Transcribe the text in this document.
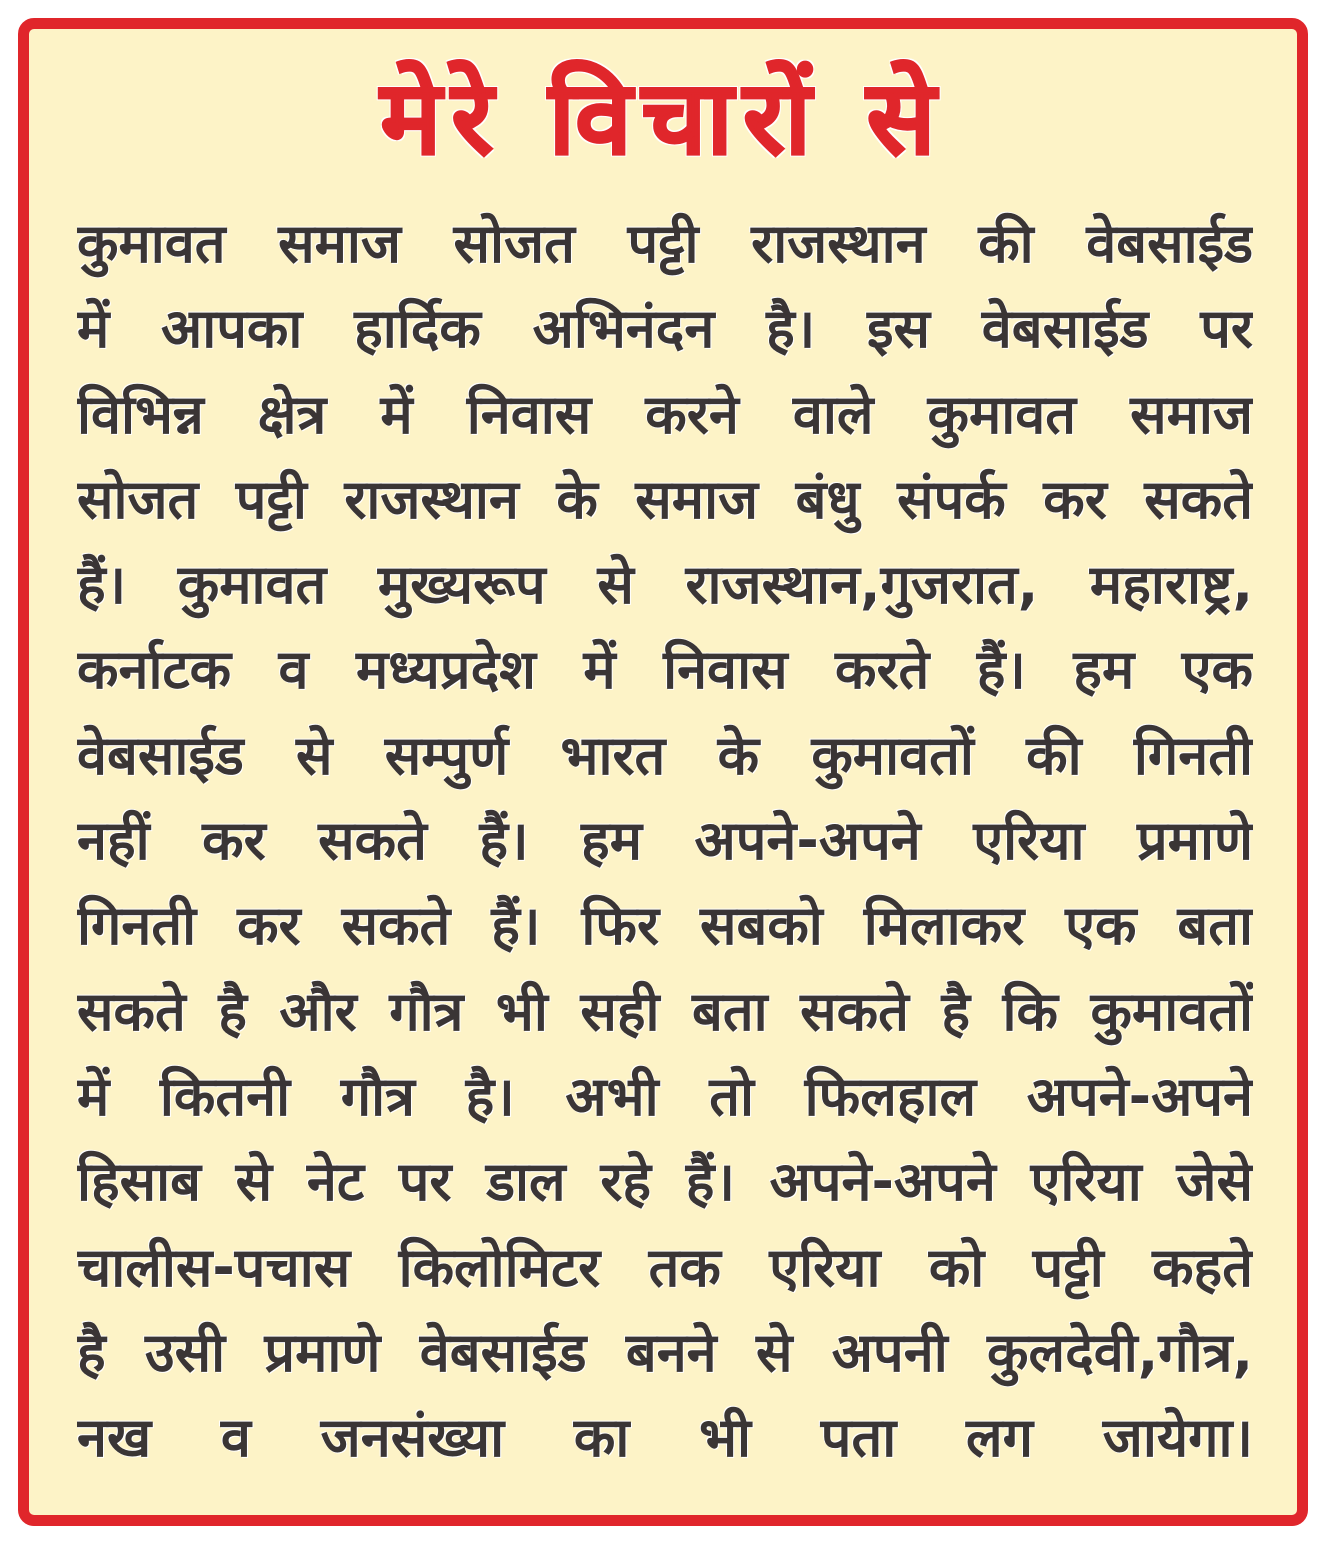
मेरे विचारों से
कुमावत समाज सोजत पट्टी राजस्थान की वेबसाईड
में आपका हार्दिक अभिनंदन है। इस वेबसाईड पर
विभिन्न क्षेत्र में निवास करने वाले कुमावत समाज
सोजत पट्टी राजस्थान के समाज बंधु संपर्क कर सकते
हैं। कुमावत मुख्यरूप से राजस्थान,गुजरात, महाराष्ट्र,
कर्नाटक व मध्यप्रदेश में निवास करते हैं। हम एक
वेबसाईड से सम्पुर्ण भारत के कुमावतों की गिनती
नहीं कर सकते हैं। हम अपने-अपने एरिया प्रमाणे
गिनती कर सकते हैं। फिर सबको मिलाकर एक बता
सकते है और गौत्र भी सही बता सकते है कि कुमावतों
में कितनी गौत्र है। अभी तो फिलहाल अपने-अपने
हिसाब से नेट पर डाल रहे हैं। अपने-अपने एरिया जेसे
चालीस-पचास किलोमिटर तक एरिया को पट्टी कहते
है उसी प्रमाणे वेबसाईड बनने से अपनी कुलदेवी,गौत्र,
नख व जनसंख्या का भी पता लग जायेगा।
